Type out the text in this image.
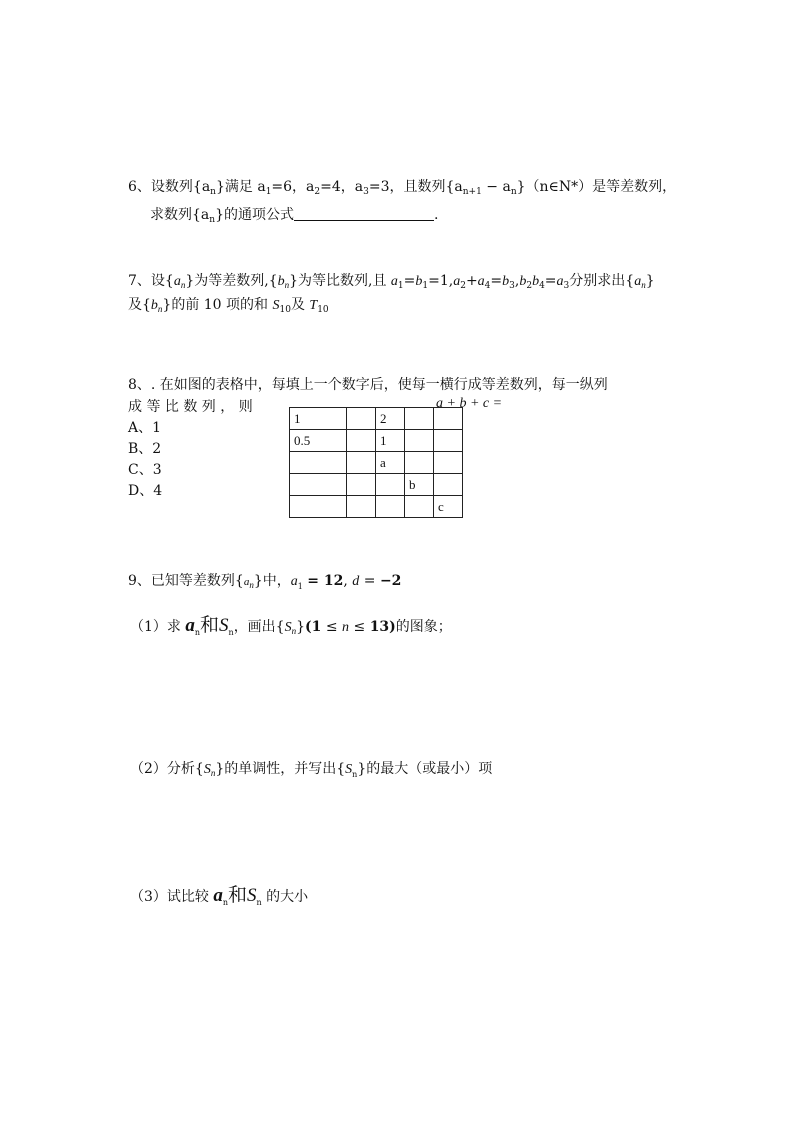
6、设数列$\{a_n\}$满足 $a_1=6$，$a_2=4$，$a_3=3$，且数列{$a_{n+1}$ − $a_n\}(n\in N*)$是等差数列，
求数列$\{a_n\}$的通项公式	.
7、设$\{a_n\}$为等差数列$,\{b_n\}$为等比数列,且 $a_1=b_1=1,a_2+a_4=b_3,b_2b_4=a_3$分别求出$\{a_n\}$
及$\{b_n\}$的前 10 项的和 $S_{10}$及 $T_{10}$
8、. 在如图的表格中，每填上一个数字后，使每一横行成等差数列，每一纵列
成 等 比 数 列 ， 则	a + b + c =
A、1
B、2
C、3
D、4
1		2		
0.5		1		
		a		
			b	
				c
9、已知等差数列$\{a_n\}$中，$a_1 = 12$, d = −2
（1）求 $a_n$和$S_n$，画出$\{S_n\}(1 \le n \le 13)$的图象；
（2）分析$\{S_n\}$的单调性，并写出$\{S_n\}$的最大（或最小）项
（3）试比较 $a_n$和$S_n$ 的大小
